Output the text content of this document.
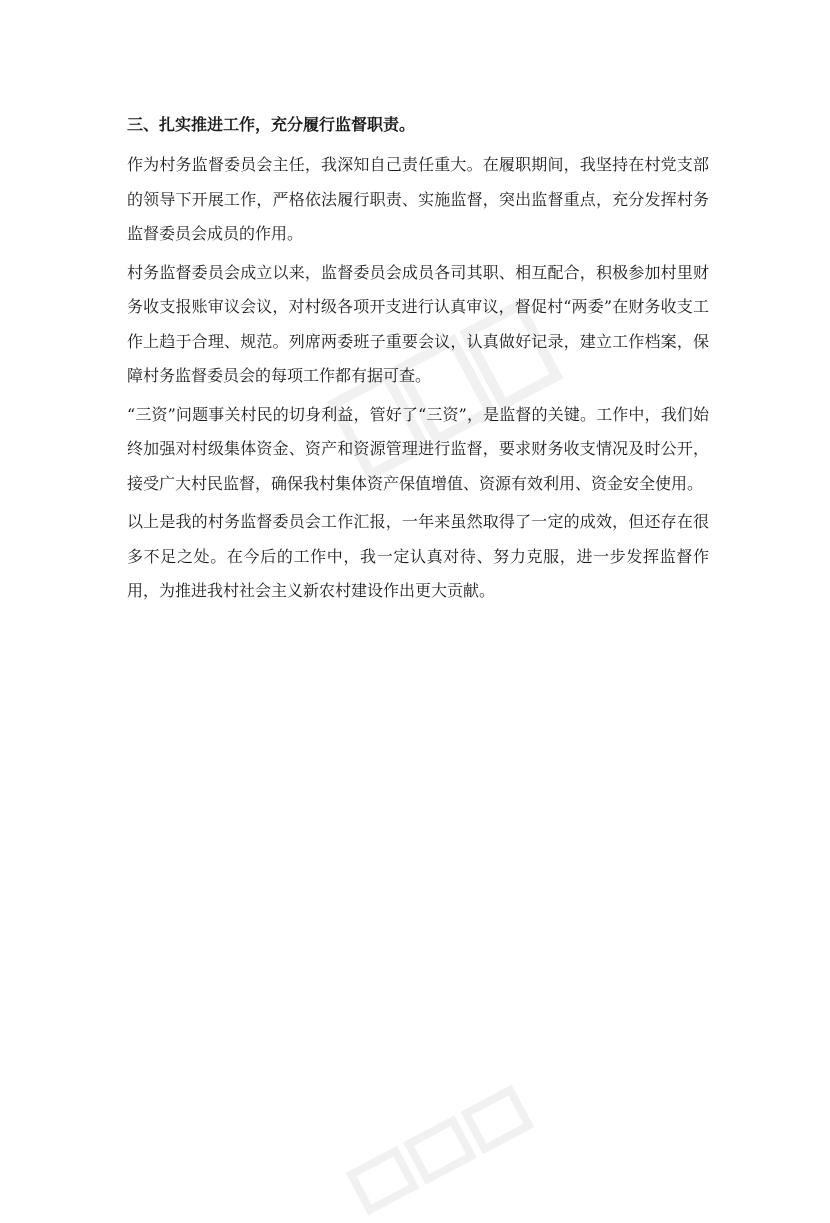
三、扎实推进工作，充分履行监督职责。

作为村务监督委员会主任，我深知自己责任重大。在履职期间，我坚持在村党支部的领导下开展工作，严格依法履行职责、实施监督，突出监督重点，充分发挥村务监督委员会成员的作用。

村务监督委员会成立以来，监督委员会成员各司其职、相互配合，积极参加村里财务收支报账审议会议，对村级各项开支进行认真审议，督促村“两委”在财务收支工作上趋于合理、规范。列席两委班子重要会议，认真做好记录，建立工作档案，保障村务监督委员会的每项工作都有据可查。

“三资”问题事关村民的切身利益，管好了“三资”，是监督的关键。工作中，我们始终加强对村级集体资金、资产和资源管理进行监督，要求财务收支情况及时公开，接受广大村民监督，确保我村集体资产保值增值、资源有效利用、资金安全使用。

以上是我的村务监督委员会工作汇报，一年来虽然取得了一定的成效，但还存在很多不足之处。在今后的工作中，我一定认真对待、努力克服，进一步发挥监督作用，为推进我村社会主义新农村建设作出更大贡献。
